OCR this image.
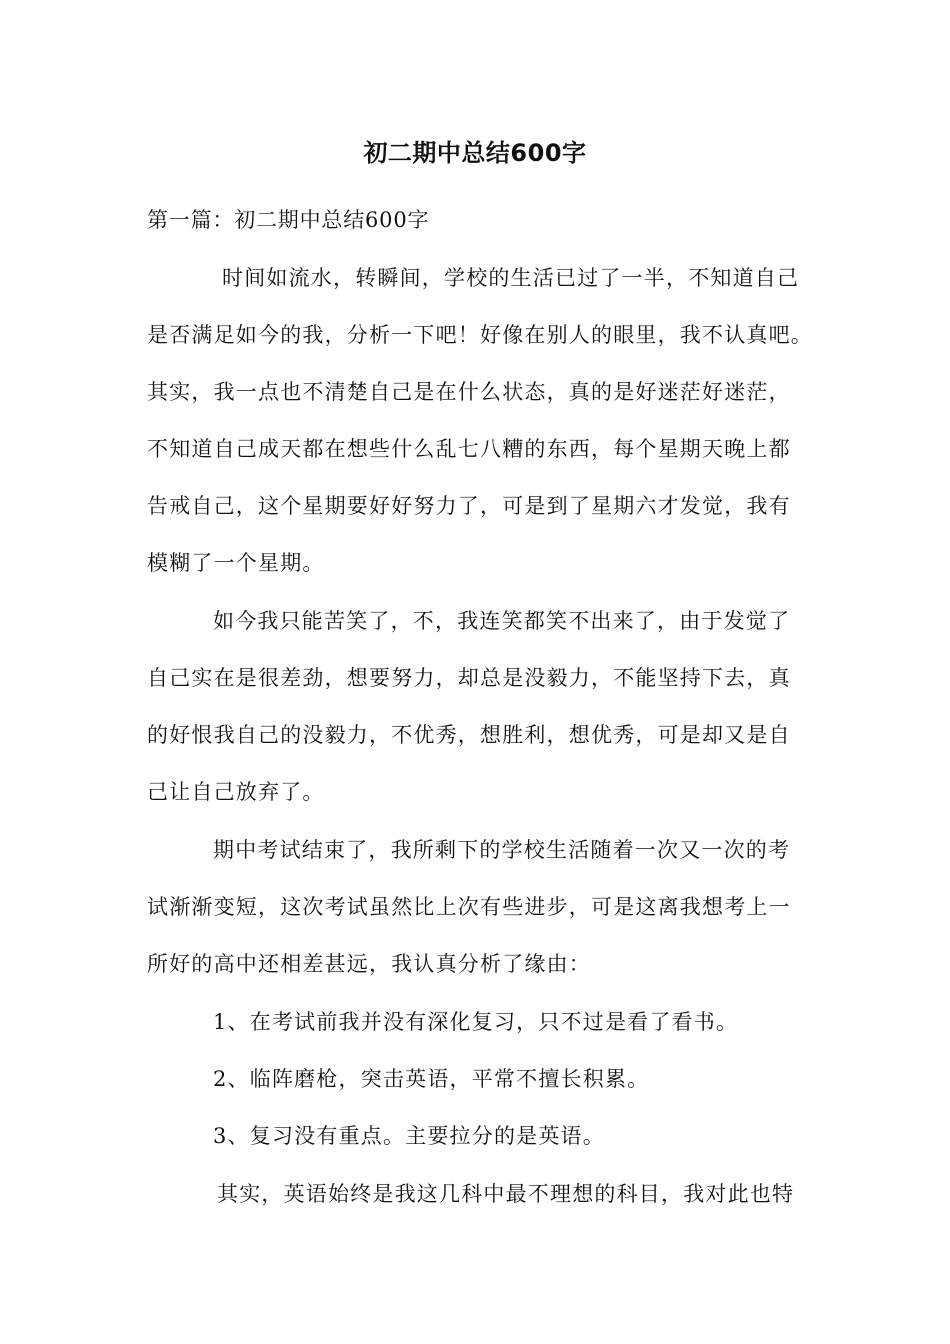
初二期中总结600字
第一篇：初二期中总结600字
时间如流水，转瞬间，学校的生活已过了一半，不知道自己
是否满足如今的我，分析一下吧！好像在别人的眼里，我不认真吧。
其实，我一点也不清楚自己是在什么状态，真的是好迷茫好迷茫，
不知道自己成天都在想些什么乱七八糟的东西，每个星期天晚上都
告戒自己，这个星期要好好努力了，可是到了星期六才发觉，我有
模糊了一个星期。
如今我只能苦笑了，不，我连笑都笑不出来了，由于发觉了
自己实在是很差劲，想要努力，却总是没毅力，不能坚持下去，真
的好恨我自己的没毅力，不优秀，想胜利，想优秀，可是却又是自
己让自己放弃了。
期中考试结束了，我所剩下的学校生活随着一次又一次的考
试渐渐变短，这次考试虽然比上次有些进步，可是这离我想考上一
所好的高中还相差甚远，我认真分析了缘由：
1、在考试前我并没有深化复习，只不过是看了看书。
2、临阵磨枪，突击英语，平常不擅长积累。
3、复习没有重点。主要拉分的是英语。
其实，英语始终是我这几科中最不理想的科目，我对此也特
